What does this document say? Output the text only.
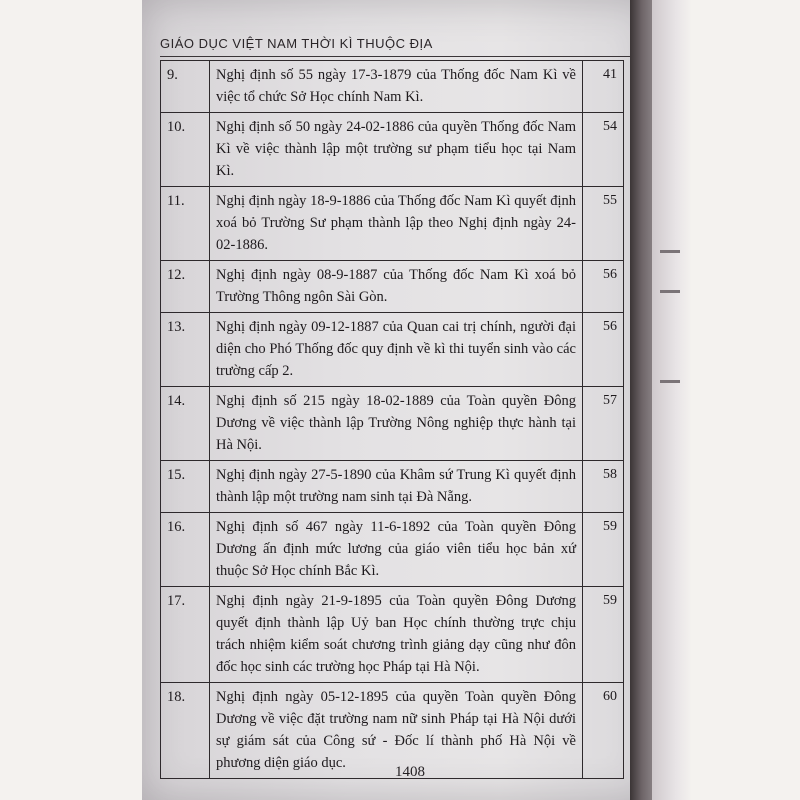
GIÁO DỤC VIỆT NAM THỜI KÌ THUỘC ĐỊA
9.	Nghị định số 55 ngày 17-3-1879 của Thống đốc Nam Kì về việc tổ chức Sở Học chính Nam Kì.	41
10.	Nghị định số 50 ngày 24-02-1886 của quyền Thống đốc Nam Kì về việc thành lập một trường sư phạm tiểu học tại Nam Kì.	54
11.	Nghị định ngày 18-9-1886 của Thống đốc Nam Kì quyết định xoá bỏ Trường Sư phạm thành lập theo Nghị định ngày 24-02-1886.	55
12.	Nghị định ngày 08-9-1887 của Thống đốc Nam Kì xoá bỏ Trường Thông ngôn Sài Gòn.	56
13.	Nghị định ngày 09-12-1887 của Quan cai trị chính, người đại diện cho Phó Thống đốc quy định về kì thi tuyển sinh vào các trường cấp 2.	56
14.	Nghị định số 215 ngày 18-02-1889 của Toàn quyền Đông Dương về việc thành lập Trường Nông nghiệp thực hành tại Hà Nội.	57
15.	Nghị định ngày 27-5-1890 của Khâm sứ Trung Kì quyết định thành lập một trường nam sinh tại Đà Nẵng.	58
16.	Nghị định số 467 ngày 11-6-1892 của Toàn quyền Đông Dương ấn định mức lương của giáo viên tiểu học bản xứ thuộc Sở Học chính Bắc Kì.	59
17.	Nghị định ngày 21-9-1895 của Toàn quyền Đông Dương quyết định thành lập Uỷ ban Học chính thường trực chịu trách nhiệm kiểm soát chương trình giảng dạy cũng như đôn đốc học sinh các trường học Pháp tại Hà Nội.	59
18.	Nghị định ngày 05-12-1895 của quyền Toàn quyền Đông Dương về việc đặt trường nam nữ sinh Pháp tại Hà Nội dưới sự giám sát của Công sứ - Đốc lí thành phố Hà Nội về phương diện giáo dục.	60
1408
